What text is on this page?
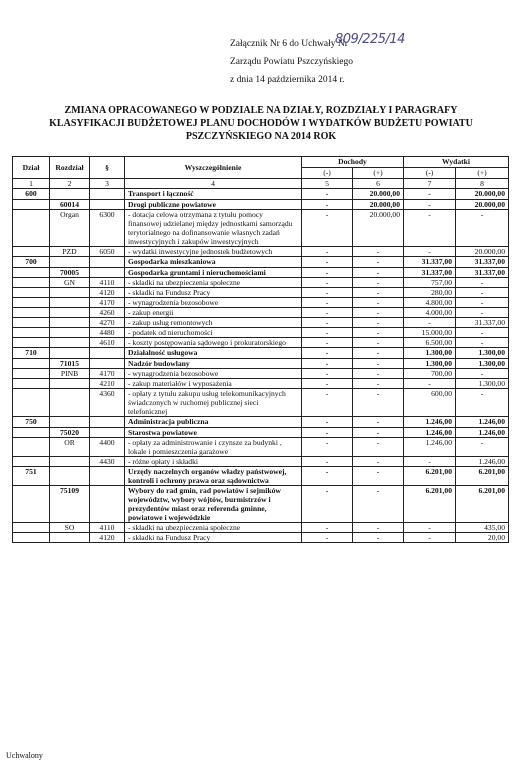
Załącznik Nr 6 do Uchwały Nr
809/225/14
Zarządu Powiatu Pszczyńskiego
z dnia 14 października 2014 r.
ZMIANA OPRACOWANEGO W PODZIALE NA DZIAŁY, ROZDZIAŁY I PARAGRAFY KLASYFIKACJI BUDŻETOWEJ PLANU DOCHODÓW I WYDATKÓW BUDŻETU POWIATU PSZCZYŃSKIEGO NA 2014 ROK
Dział	Rozdział	§	Wyszczególnienie	Dochody		Wydatki	
				(-)	(+)	(-)	(+)
1	2	3	4	5	6	7	8
600			Transport i łączność	-	20.000,00	-	20.000,00
	60014		Drogi publiczne powiatowe	-	20.000,00	-	20.000,00
	Organ	6300	- dotacja celowa otrzymana z tytułu pomocy finansowej udzielanej między jednostkami samorządu terytorialnego na dofinansowanie własnych zadań inwestycyjnych i zakupów inwestycyjnych	-	20.000,00	-	-
	PZD	6050	- wydatki inwestycyjne jednostek budżetowych	-	-	-	20.000,00
700			Gospodarka mieszkaniowa	-	-	31.337,00	31.337,00
	70005		Gospodarka gruntami i nieruchomościami	-	-	31.337,00	31.337,00
	GN	4110	- składki na ubezpieczenia społeczne	-	-	757,00	-
		4120	- składki na Fundusz Pracy	-	-	280,00	-
		4170	- wynagrodzenia bezosobowe	-	-	4.800,00	-
		4260	- zakup energii	-	-	4.000,00	-
		4270	- zakup usług remontowych	-	-	-	31.337,00
		4480	- podatek od nieruchomości	-	-	15.000,00	-
		4610	- koszty postępowania sądowego i prokuratorskiego	-	-	6.500,00	-
710			Działalność usługowa	-	-	1.300,00	1.300,00
	71015		Nadzór budowlany	-	-	1.300,00	1.300,00
	PINB	4170	- wynagrodzenia bezosobowe	-	-	700,00	-
		4210	- zakup materiałów i wyposażenia	-	-	-	1.300,00
		4360	- opłaty z tytułu zakupu usług telekomunikacyjnych świadczonych w ruchomej publicznej sieci telefonicznej	-	-	600,00	-
750			Administracja publiczna	-	-	1.246,00	1.246,00
	75020		Starostwa powiatowe	-	-	1.246,00	1.246,00
	OR	4400	- opłaty za administrowanie i czynsze za budynki , lokale i pomieszczenia garażowe	-	-	1.246,00	-
		4430	- różne opłaty i składki	-	-	-	1.246,00
751			Urzędy naczelnych organów władzy państwowej, kontroli i ochrony prawa oraz sądownictwa	-	-	6.201,00	6.201,00
	75109		Wybory do rad gmin, rad powiatów i sejmików województw, wybory wójtów, burmistrzów i prezydentów miast oraz referenda gminne, powiatowe i wojewódzkie	-	-	6.201,00	6.201,00
	SO	4110	- składki na ubezpieczenia społeczne	-	-	-	435,00
		4120	- składki na Fundusz Pracy	-	-	-	20,00
Uchwalony
